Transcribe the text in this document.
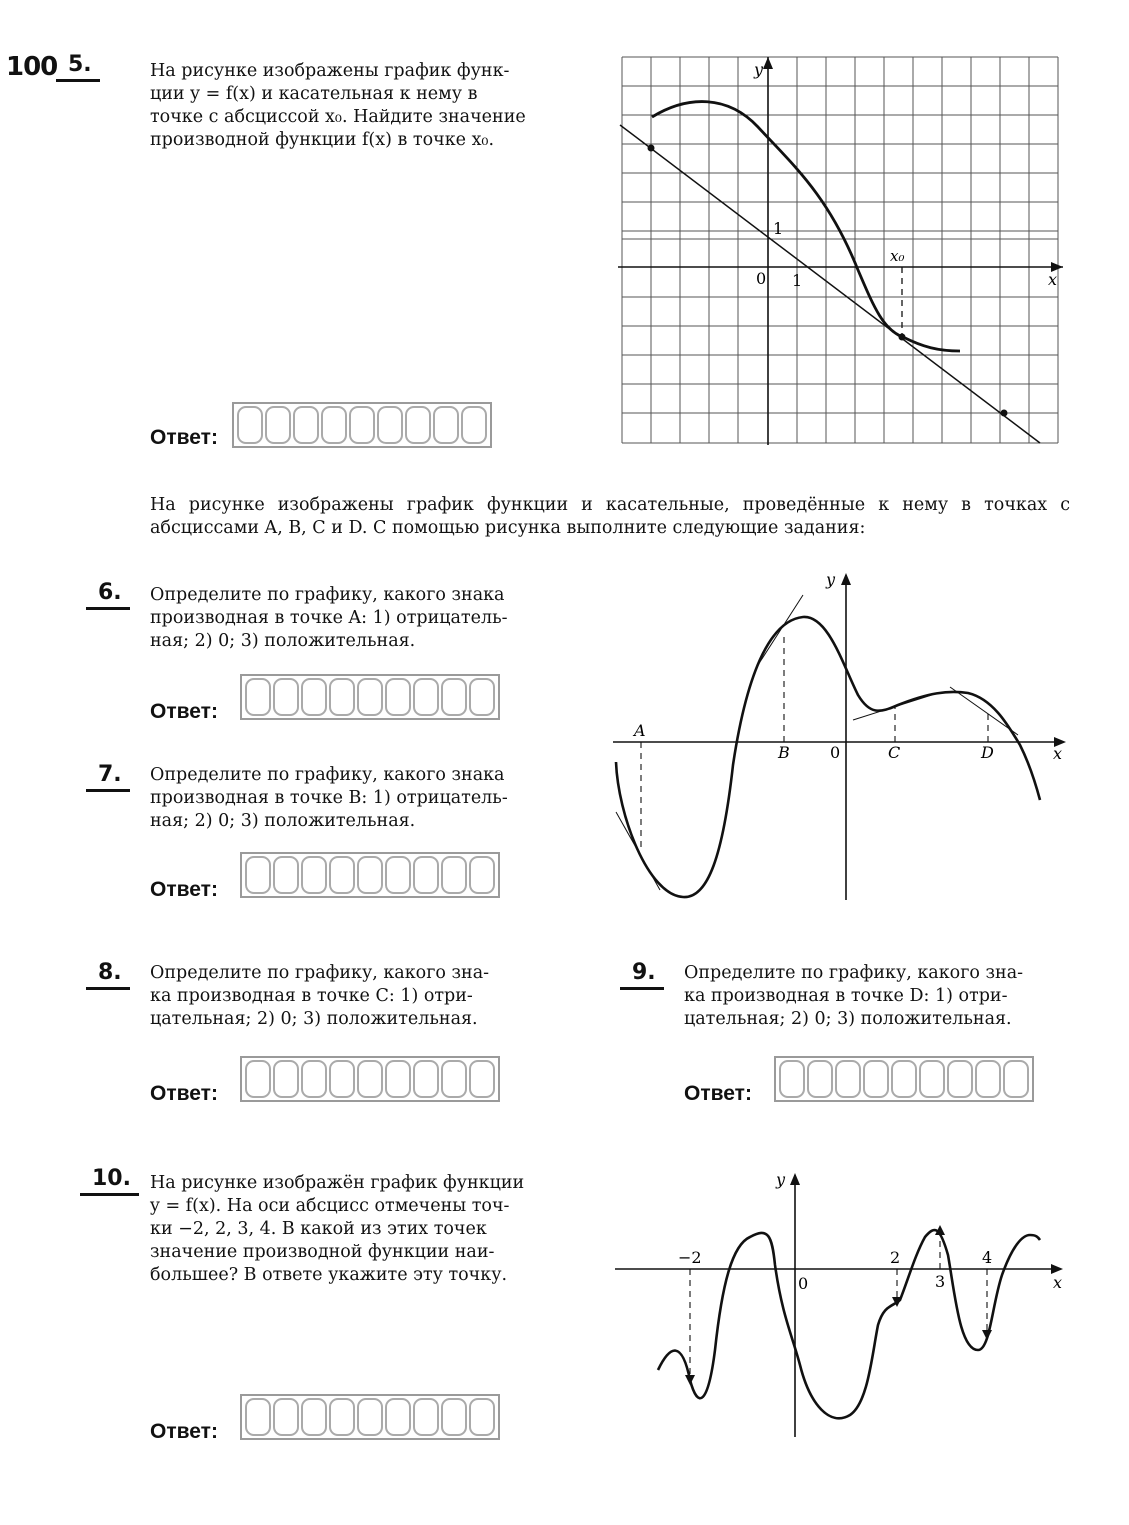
100 5.	На рисунке изображены график функ-
ции y = f(x) и касательная к нему в
точке с абсциссой x₀. Найдите значение
производной функции f(x) в точке x₀.
Ответ:
y
x
0 1
1
x₀
На рисунке изображены график функции и касательные, проведённые к нему в точках с абсциссами A, B, C и D. С помощью рисунка выполните следующие задания:
6.	Определите по графику, какого знака
производная в точке A: 1) отрицатель-
ная; 2) 0; 3) положительная.
Ответ:
7.	Определите по графику, какого знака
производная в точке B: 1) отрицатель-
ная; 2) 0; 3) положительная.
Ответ:
y
x
0
A
B	C	D
8.	Определите по графику, какого зна-
ка производная в точке C: 1) отри-
цательная; 2) 0; 3) положительная.
Ответ:
9.	Определите по графику, какого зна-
ка производная в точке D: 1) отри-
цательная; 2) 0; 3) положительная.
Ответ:
10.	На рисунке изображён график функции
y = f(x). На оси абсцисс отмечены точ-
ки −2, 2, 3, 4. В какой из этих точек
значение производной функции наи-
большее? В ответе укажите эту точку.
Ответ:
y
x
0
−2	2
3
4
